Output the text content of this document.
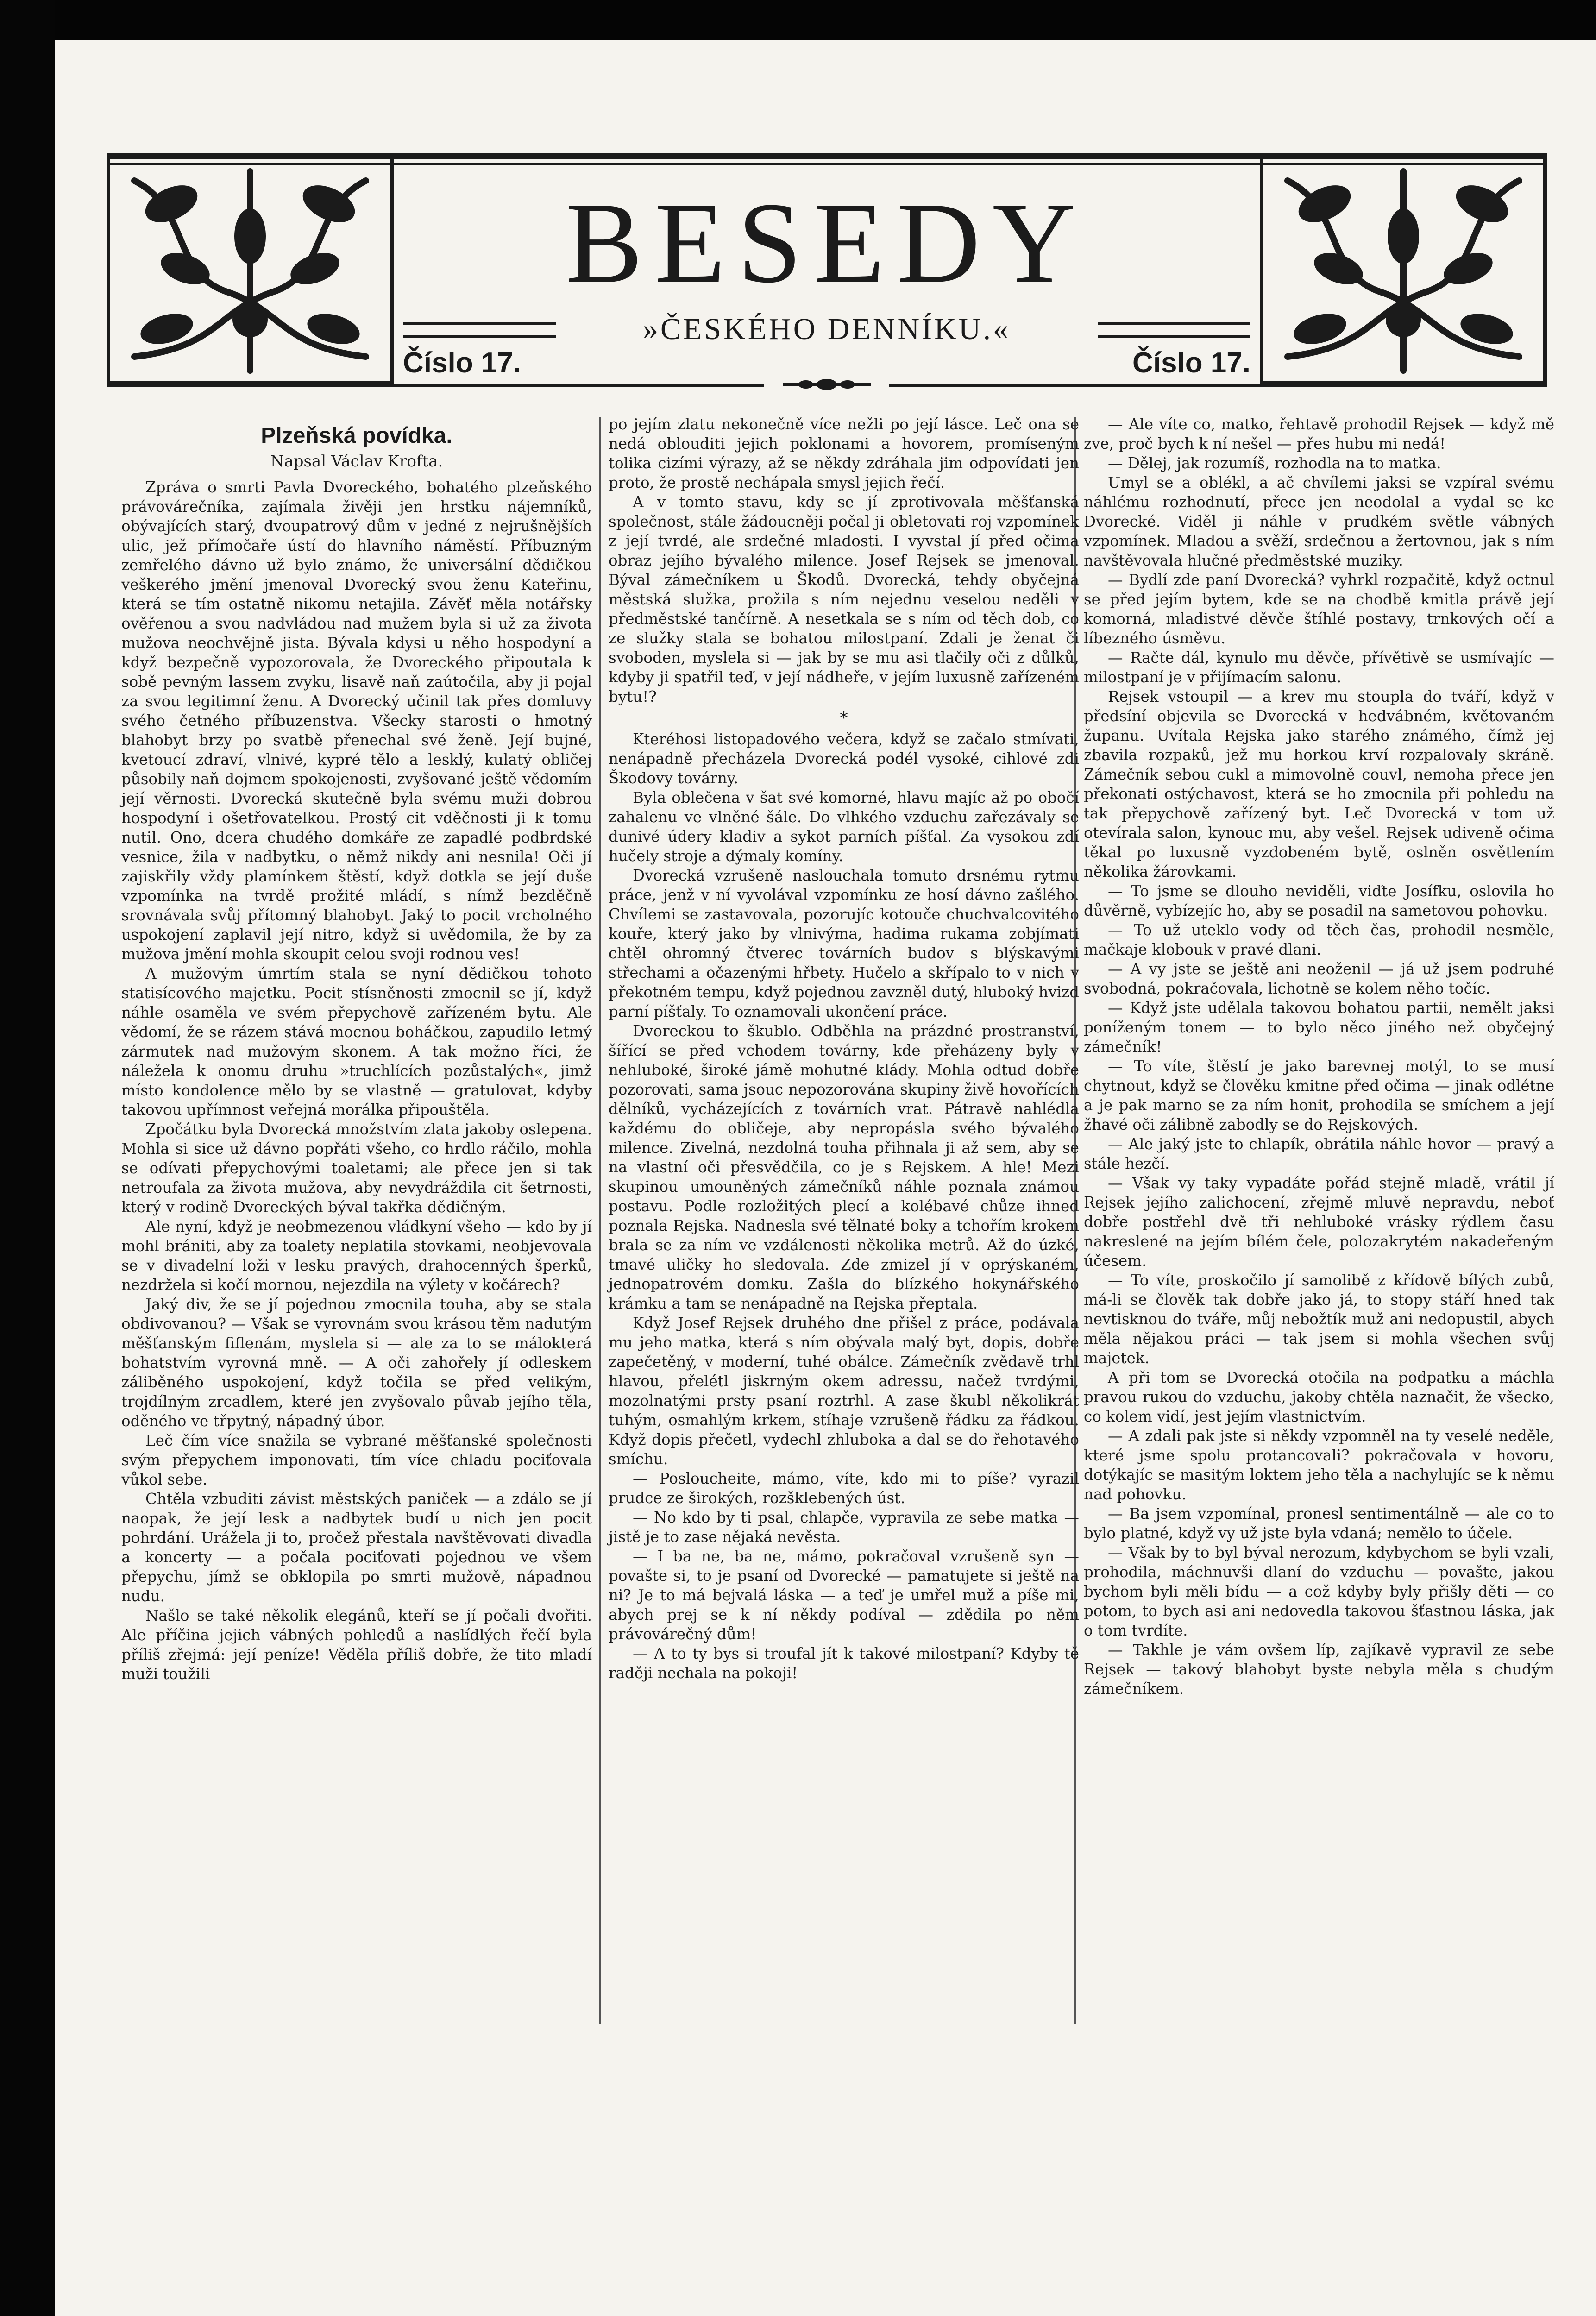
BESEDY
»ČESKÉHO DENNÍKU.«
Číslo 17.	Číslo 17.
Plzeňská povídka.
Napsal Václav Krofta.

Zpráva o smrti Pavla Dvoreckého, bohatého plzeňského právovárečníka, zajímala živěji jen hrstku nájemníků, obývajících starý, dvoupatrový dům v jedné z nejrušnějších ulic, jež přímočaře ústí do hlavního náměstí. Příbuzným zemřelého dávno už bylo známo, že universální dědičkou veškerého jmění jmenoval Dvorecký svou ženu Kateřinu, která se tím ostatně nikomu netajila. Závěť měla notářsky ověřenou a svou nadvládou nad mužem byla si už za života mužova neochvějně jista. Bývala kdysi u něho hospodyní a když bezpečně vypozorovala, že Dvoreckého připoutala k sobě pevným lassem zvyku, lisavě naň zaútočila, aby ji pojal za svou legitimní ženu. A Dvorecký učinil tak přes domluvy svého četného příbuzenstva. Všecky starosti o hmotný blahobyt brzy po svatbě přenechal své ženě. Její bujné, kvetoucí zdraví, vlnivé, kypré tělo a lesklý, kulatý obličej působily naň dojmem spokojenosti, zvyšované ještě vědomím její věrnosti. Dvorecká skutečně byla svému muži dobrou hospodyní i ošetřovatelkou. Prostý cit vděčnosti ji k tomu nutil. Ono, dcera chudého domkáře ze zapadlé podbrdské vesnice, žila v nadbytku, o němž nikdy ani nesnila! Oči jí zajiskřily vždy plamínkem štěstí, když dotkla se její duše vzpomínka na tvrdě prožité mládí, s nímž bezděčně srovnávala svůj přítomný blahobyt. Jaký to pocit vrcholného uspokojení zaplavil její nitro, když si uvědomila, že by za mužova jmění mohla skoupit celou svoji rodnou ves!

A mužovým úmrtím stala se nyní dědičkou tohoto statisícového majetku. Pocit stísněnosti zmocnil se jí, když náhle osaměla ve svém přepychově zařízeném bytu. Ale vědomí, že se rázem stává mocnou boháčkou, zapudilo letmý zármutek nad mužovým skonem. A tak možno říci, že náležela k onomu druhu »truchlících pozůstalých«, jimž místo kondolence mělo by se vlastně — gratulovat, kdyby takovou upřímnost veřejná morálka připouštěla.

Zpočátku byla Dvorecká množstvím zlata jakoby oslepena. Mohla si sice už dávno popřáti všeho, co hrdlo ráčilo, mohla se odívati přepychovými toaletami; ale přece jen si tak netroufala za života mužova, aby nevydráždila cit šetrnosti, který v rodině Dvoreckých býval takřka dědičným.

Ale nyní, když je neobmezenou vládkyní všeho — kdo by jí mohl brániti, aby za toalety neplatila stovkami, neobjevovala se v divadelní loži v lesku pravých, drahocenných šperků, nezdržela si kočí mornou, nejezdila na výlety v kočárech?

Jaký div, že se jí pojednou zmocnila touha, aby se stala obdivovanou? — Však se vyrovnám svou krásou těm nadutým měšťanským fiflenám, myslela si — ale za to se málokterá bohatstvím vyrovná mně. — A oči zahořely jí odleskem záliběného uspokojení, když točila se před velikým, trojdílným zrcadlem, které jen zvyšovalo půvab jejího těla, oděného ve třpytný, nápadný úbor.

Leč čím více snažila se vybrané měšťanské společnosti svým přepychem imponovati, tím více chladu pociťovala vůkol sebe.

Chtěla vzbuditi závist městských paniček — a zdálo se jí naopak, že její lesk a nadbytek budí u nich jen pocit pohrdání. Urážela ji to, pročež přestala navštěvovati divadla a koncerty — a počala pociťovati pojednou ve všem přepychu, jímž se obklopila po smrti mužově, nápadnou nudu.

Našlo se také několik elegánů, kteří se jí počali dvořiti. Ale příčina jejich vábných pohledů a naslídlých řečí byla příliš zřejmá: její peníze! Věděla příliš dobře, že tito mladí muži toužili

po jejím zlatu nekonečně více nežli po její lásce. Leč ona se nedá oblouditi jejich poklonami a hovorem, promíseným tolika cizími výrazy, až se někdy zdráhala jim odpovídati jen proto, že prostě nechápala smysl jejich řečí.

A v tomto stavu, kdy se jí zprotivovala měšťanská společnost, stále žádoucněji počal ji obletovati roj vzpomínek z její tvrdé, ale srdečné mladosti. I vyvstal jí před očima obraz jejího bývalého milence. Josef Rejsek se jmenoval. Býval zámečníkem u Škodů. Dvorecká, tehdy obyčejná městská služka, prožila s ním nejednu veselou neděli v předměstské tančírně. A nesetkala se s ním od těch dob, co ze služky stala se bohatou milostpaní. Zdali je ženat či svoboden, myslela si — jak by se mu asi tlačily oči z důlků, kdyby ji spatřil teď, v její nádheře, v jejím luxusně zařízeném bytu!?

*

Kteréhosi listopadového večera, když se začalo stmívati, nenápadně přecházela Dvorecká podél vysoké, cihlové zdi Škodovy továrny.

Byla oblečena v šat své komorné, hlavu majíc až po obočí zahalenu ve vlněné šále. Do vlhkého vzduchu zařezávaly se dunivé údery kladiv a sykot parních píšťal. Za vysokou zdí hučely stroje a dýmaly komíny.

Dvorecká vzrušeně naslouchala tomuto drsnému rytmu práce, jenž v ní vyvolával vzpomínku ze hosí dávno zašlého. Chvílemi se zastavovala, pozorujíc kotouče chuchvalcovitého kouře, který jako by vlnivýma, hadima rukama zobjímati chtěl ohromný čtverec továrních budov s blýskavými střechami a očazenými hřbety. Hučelo a skřípalo to v nich v překotném tempu, když pojednou zavzněl dutý, hluboký hvizd parní píšťaly. To oznamovali ukončení práce.

Dvoreckou to škublo. Odběhla na prázdné prostranství, šířící se před vchodem továrny, kde přeházeny byly v nehluboké, široké jámě mohutné klády. Mohla odtud dobře pozorovati, sama jsouc nepozorována skupiny živě hovořících dělníků, vycházejících z továrních vrat. Pátravě nahlédla každému do obličeje, aby nepropásla svého bývalého milence. Zivelná, nezdolná touha přihnala ji až sem, aby se na vlastní oči přesvědčila, co je s Rejskem. A hle! Mezi skupinou umouněných zámečníků náhle poznala známou postavu. Podle rozložitých plecí a kolébavé chůze ihned poznala Rejska. Nadnesla své tělnaté boky a tchořím krokem brala se za ním ve vzdálenosti několika metrů. Až do úzké, tmavé uličky ho sledovala. Zde zmizel jí v oprýskaném, jednopatrovém domku. Zašla do blízkého hokynářského krámku a tam se nenápadně na Rejska přeptala.

Když Josef Rejsek druhého dne přišel z práce, podávala mu jeho matka, která s ním obývala malý byt, dopis, dobře zapečetěný, v moderní, tuhé obálce. Zámečník zvědavě trhl hlavou, přelétl jiskrným okem adressu, načež tvrdými, mozolnatými prsty psaní roztrhl. A zase škubl několikrát tuhým, osmahlým krkem, stíhaje vzrušeně řádku za řádkou. Když dopis přečetl, vydechl zhluboka a dal se do řehotavého smíchu.

— Posloucheite, mámo, víte, kdo mi to píše? vyrazil prudce ze širokých, rozšklebených úst.

— No kdo by ti psal, chlapče, vypravila ze sebe matka — jistě je to zase nějaká nevěsta.

— I ba ne, ba ne, mámo, pokračoval vzrušeně syn — povašte si, to je psaní od Dvorecké — pamatujete si ještě na ni? Je to má bejvalá láska — a teď je umřel muž a píše mi, abych prej se k ní někdy podíval — zdědila po něm právovárečný dům!

— A to ty bys si troufal jít k takové milostpaní? Kdyby tě raději nechala na pokoji!

— Ale víte co, matko, řehtavě prohodil Rejsek — když mě zve, proč bych k ní nešel — přes hubu mi nedá!

— Dělej, jak rozumíš, rozhodla na to matka.

Umyl se a oblékl, a ač chvílemi jaksi se vzpíral svému náhlému rozhodnutí, přece jen neodolal a vydal se ke Dvorecké. Viděl ji náhle v prudkém světle vábných vzpomínek. Mladou a svěží, srdečnou a žertovnou, jak s ním navštěvovala hlučné předměstské muziky.

— Bydlí zde paní Dvorecká? vyhrkl rozpačitě, když octnul se před jejím bytem, kde se na chodbě kmitla právě její komorná, mladistvé děvče štíhlé postavy, trnkových očí a líbezného úsměvu.

— Račte dál, kynulo mu děvče, přívětivě se usmívajíc — milostpaní je v přijímacím salonu.

Rejsek vstoupil — a krev mu stoupla do tváří, když v předsíní objevila se Dvorecká v hedvábném, květovaném županu. Uvítala Rejska jako starého známého, čímž jej zbavila rozpaků, jež mu horkou krví rozpalovaly skráně. Zámečník sebou cukl a mimovolně couvl, nemoha přece jen překonati ostýchavost, která se ho zmocnila při pohledu na tak přepychově zařízený byt. Leč Dvorecká v tom už otevírala salon, kynouc mu, aby vešel. Rejsek udiveně očima těkal po luxusně vyzdobeném bytě, oslněn osvětlením několika žárovkami.

— To jsme se dlouho neviděli, viďte Josífku, oslovila ho důvěrně, vybízejíc ho, aby se posadil na sametovou pohovku.

— To už uteklo vody od těch čas, prohodil nesměle, mačkaje klobouk v pravé dlani.

— A vy jste se ještě ani neoženil — já už jsem podruhé svobodná, pokračovala, lichotně se kolem něho točíc.

— Když jste udělala takovou bohatou partii, nemělt jaksi poníženým tonem — to bylo něco jiného než obyčejný zámečník!

— To víte, štěstí je jako barevnej motýl, to se musí chytnout, když se člověku kmitne před očima — jinak odlétne a je pak marno se za ním honit, prohodila se smíchem a její žhavé oči zálibně zabodly se do Rejskových.

— Ale jaký jste to chlapík, obrátila náhle hovor — pravý a stále hezčí.

— Však vy taky vypadáte pořád stejně mladě, vrátil jí Rejsek jejího zalichocení, zřejmě mluvě nepravdu, neboť dobře postřehl dvě tři nehluboké vrásky rýdlem času nakreslené na jejím bílém čele, polozakrytém nakadeřeným účesem.

— To víte, proskočilo jí samolibě z křídově bílých zubů, má-li se člověk tak dobře jako já, to stopy stáří hned tak nevtisknou do tváře, můj nebožtík muž ani nedopustil, abych měla nějakou práci — tak jsem si mohla všechen svůj majetek.

A při tom se Dvorecká otočila na podpatku a máchla pravou rukou do vzduchu, jakoby chtěla naznačit, že všecko, co kolem vidí, jest jejím vlastnictvím.

— A zdali pak jste si někdy vzpomněl na ty veselé neděle, které jsme spolu protancovali? pokračovala v hovoru, dotýkajíc se masitým loktem jeho těla a nachylujíc se k němu nad pohovku.

— Ba jsem vzpomínal, pronesl sentimentálně — ale co to bylo platné, když vy už jste byla vdaná; nemělo to účele.

— Však by to byl býval nerozum, kdybychom se byli vzali, prohodila, máchnuvši dlaní do vzduchu — povašte, jakou bychom byli měli bídu — a což kdyby byly přišly děti — co potom, to bych asi ani nedovedla takovou šťastnou láska, jak o tom tvrdíte.

— Takhle je vám ovšem líp, zajíkavě vypravil ze sebe Rejsek — takový blahobyt byste nebyla měla s chudým zámečníkem.
